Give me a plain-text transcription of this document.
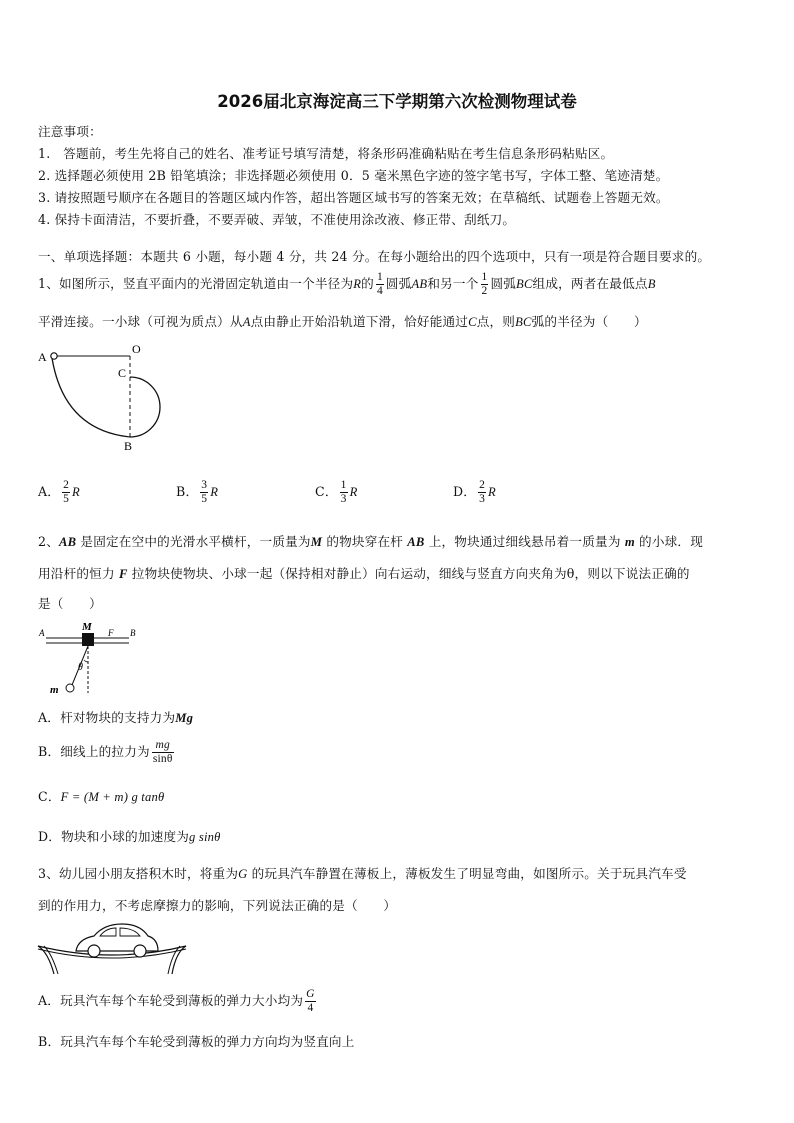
2026届北京海淀高三下学期第六次检测物理试卷
注意事项：
1.　答题前，考生先将自己的姓名、准考证号填写清楚，将条形码准确粘贴在考生信息条形码粘贴区。
2. 选择题必须使用 2B 铅笔填涂；非选择题必须使用 0．5 毫米黑色字迹的签字笔书写，字体工整、笔迹清楚。
3. 请按照题号顺序在各题目的答题区域内作答，超出答题区域书写的答案无效；在草稿纸、试题卷上答题无效。
4. 保持卡面清洁，不要折叠，不要弄破、弄皱，不准使用涂改液、修正带、刮纸刀。
一、单项选择题：本题共 6 小题，每小题 4 分，共 24 分。在每小题给出的四个选项中，只有一项是符合题目要求的。
1、如图所示，竖直平面内的光滑固定轨道由一个半径为R的 $\frac{1}{4}$ 圆弧AB和另一个 $\frac{1}{2}$ 圆弧BC组成，两者在最低点B
平滑连接。一小球（可视为质点）从A点由静止开始沿轨道下滑，恰好能通过C点，则BC弧的半径为（　　）
A
O
C
B
A． $\frac{2}{5}$ R	B． $\frac{3}{5}$ R	C． $\frac{1}{3}$ R	D． $\frac{2}{3}$ R
2、AB 是固定在空中的光滑水平横杆，一质量为M 的物块穿在杆 AB 上，物块通过细线悬吊着一质量为 m 的小球．现
用沿杆的恒力 F 拉物块使物块、小球一起（保持相对静止）向右运动，细线与竖直方向夹角为θ，则以下说法正确的
是（　　）
A	M F B
θ
m
A．杆对物块的支持力为Mg
B．细线上的拉力为 $\frac{mg}{\sin\theta}$
C．F = (M + m) g tanθ
D．物块和小球的加速度为g sinθ
3、幼儿园小朋友搭积木时，将重为G 的玩具汽车静置在薄板上，薄板发生了明显弯曲，如图所示。关于玩具汽车受
到的作用力，不考虑摩擦力的影响，下列说法正确的是（　　）
A．玩具汽车每个车轮受到薄板的弹力大小均为 $\frac{G}{4}$
B．玩具汽车每个车轮受到薄板的弹力方向均为竖直向上
